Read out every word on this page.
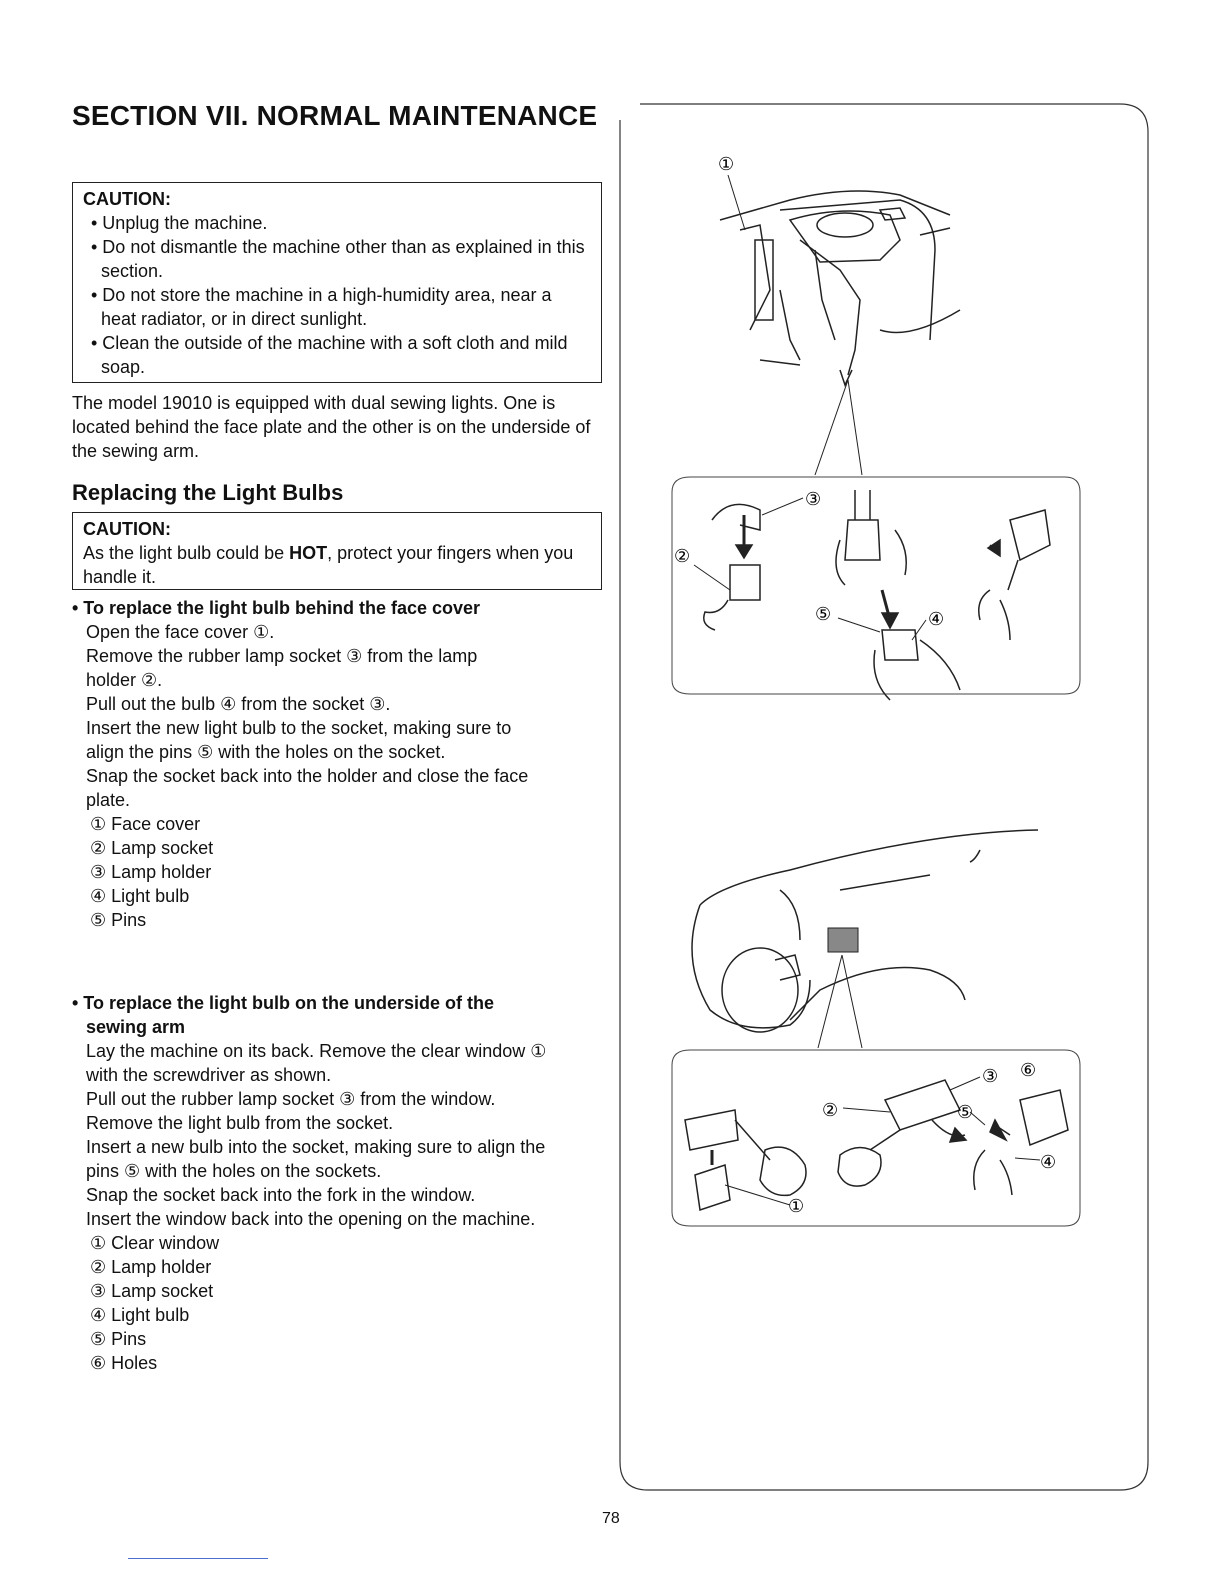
SECTION VII. NORMAL MAINTENANCE
CAUTION:
• Unplug the machine.
• Do not dismantle the machine other than as explained in this section.
• Do not store the machine in a high-humidity area, near a heat radiator, or in direct sunlight.
• Clean the outside of the machine with a soft cloth and mild soap.
The model 19010 is equipped with dual sewing lights. One is located behind the face plate and the other is on the underside of the sewing arm.
Replacing the Light Bulbs
CAUTION:
As the light bulb could be HOT, protect your fingers when you handle it.
• To replace the light bulb behind the face cover
Open the face cover ①.
Remove the rubber lamp socket ③ from the lamp
holder ②.
Pull out the bulb ④ from the socket ③.
Insert the new light bulb to the socket, making sure to
align the pins ⑤ with the holes on the socket.
Snap the socket back into the holder and close the face
plate.
① Face cover
② Lamp socket
③ Lamp holder
④ Light bulb
⑤ Pins
• To replace the light bulb on the underside of the
sewing arm
Lay the machine on its back. Remove the clear window ①
with the screwdriver as shown.
Pull out the rubber lamp socket ③ from the window.
Remove the light bulb from the socket.
Insert a new bulb into the socket, making sure to align the
pins ⑤ with the holes on the sockets.
Snap the socket back into the fork in the window.
Insert the window back into the opening on the machine.
① Clear window
② Lamp holder
③ Lamp socket
④ Light bulb
⑤ Pins
⑥ Holes
①
③
②
⑤	④
③ ⑥
②	⑤
④
①
78
